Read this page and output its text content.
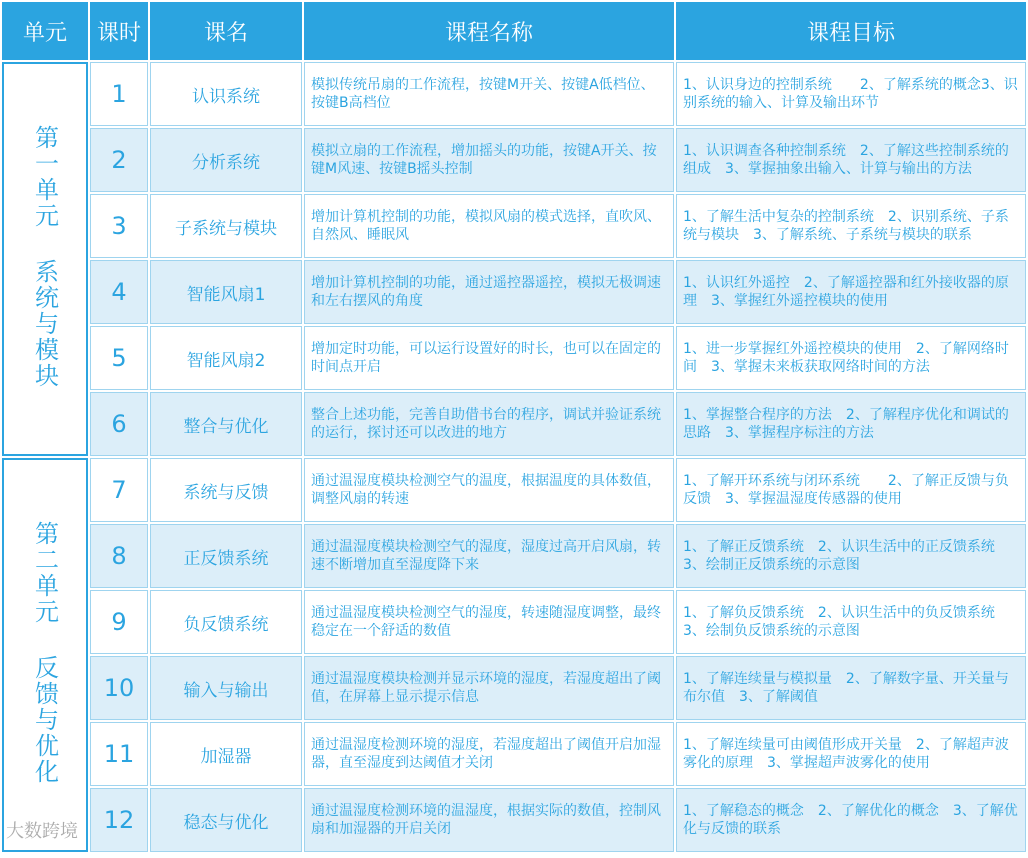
单元	课时	课名	课程名称	课程目标
第一单元 系统与模块	1	认识系统	模拟传统吊扇的工作流程，按键M开关、按键A低档位、按键B高档位	1、认识身边的控制系统　　2、了解系统的概念3、识别系统的输入、计算及输出环节
	2	分析系统	模拟立扇的工作流程，增加摇头的功能，按键A开关、按键M风速、按键B摇头控制	1、认识调查各种控制系统　2、了解这些控制系统的组成　3、掌握抽象出输入、计算与输出的方法
	3	子系统与模块	增加计算机控制的功能，模拟风扇的模式选择，直吹风、自然风、睡眠风	1、了解生活中复杂的控制系统　2、识别系统、子系统与模块　3、了解系统、子系统与模块的联系
	4	智能风扇1	增加计算机控制的功能，通过遥控器遥控，模拟无极调速和左右摆风的角度	1、认识红外遥控　2、了解遥控器和红外接收器的原理　3、掌握红外遥控模块的使用
	5	智能风扇2	增加定时功能，可以运行设置好的时长，也可以在固定的时间点开启	1、进一步掌握红外遥控模块的使用　2、了解网络时间　3、掌握未来板获取网络时间的方法
	6	整合与优化	整合上述功能，完善自助借书台的程序，调试并验证系统的运行，探讨还可以改进的地方	1、掌握整合程序的方法　2、了解程序优化和调试的思路　3、掌握程序标注的方法
第二单元 反馈与优化	7	系统与反馈	通过温湿度模块检测空气的温度，根据温度的具体数值，调整风扇的转速	1、了解开环系统与闭环系统　　2、了解正反馈与负反馈　3、掌握温湿度传感器的使用
	8	正反馈系统	通过温湿度模块检测空气的湿度，湿度过高开启风扇，转速不断增加直至湿度降下来	1、了解正反馈系统　2、认识生活中的正反馈系统　3、绘制正反馈系统的示意图
	9	负反馈系统	通过温湿度模块检测空气的湿度，转速随湿度调整，最终稳定在一个舒适的数值	1、了解负反馈系统　2、认识生活中的负反馈系统　3、绘制负反馈系统的示意图
	10	输入与输出	通过温湿度模块检测并显示环境的湿度，若湿度超出了阈值，在屏幕上显示提示信息	1、了解连续量与模拟量　2、了解数字量、开关量与布尔值　3、了解阈值
	11	加湿器	通过温湿度检测环境的湿度，若湿度超出了阈值开启加湿器，直至湿度到达阈值才关闭	1、了解连续量可由阈值形成开关量　2、了解超声波雾化的原理　3、掌握超声波雾化的使用
	12	稳态与优化	通过温湿度检测环境的温湿度，根据实际的数值，控制风扇和加湿器的开启关闭	1、了解稳态的概念　2、了解优化的概念　3、了解优化与反馈的联系
大数跨境
